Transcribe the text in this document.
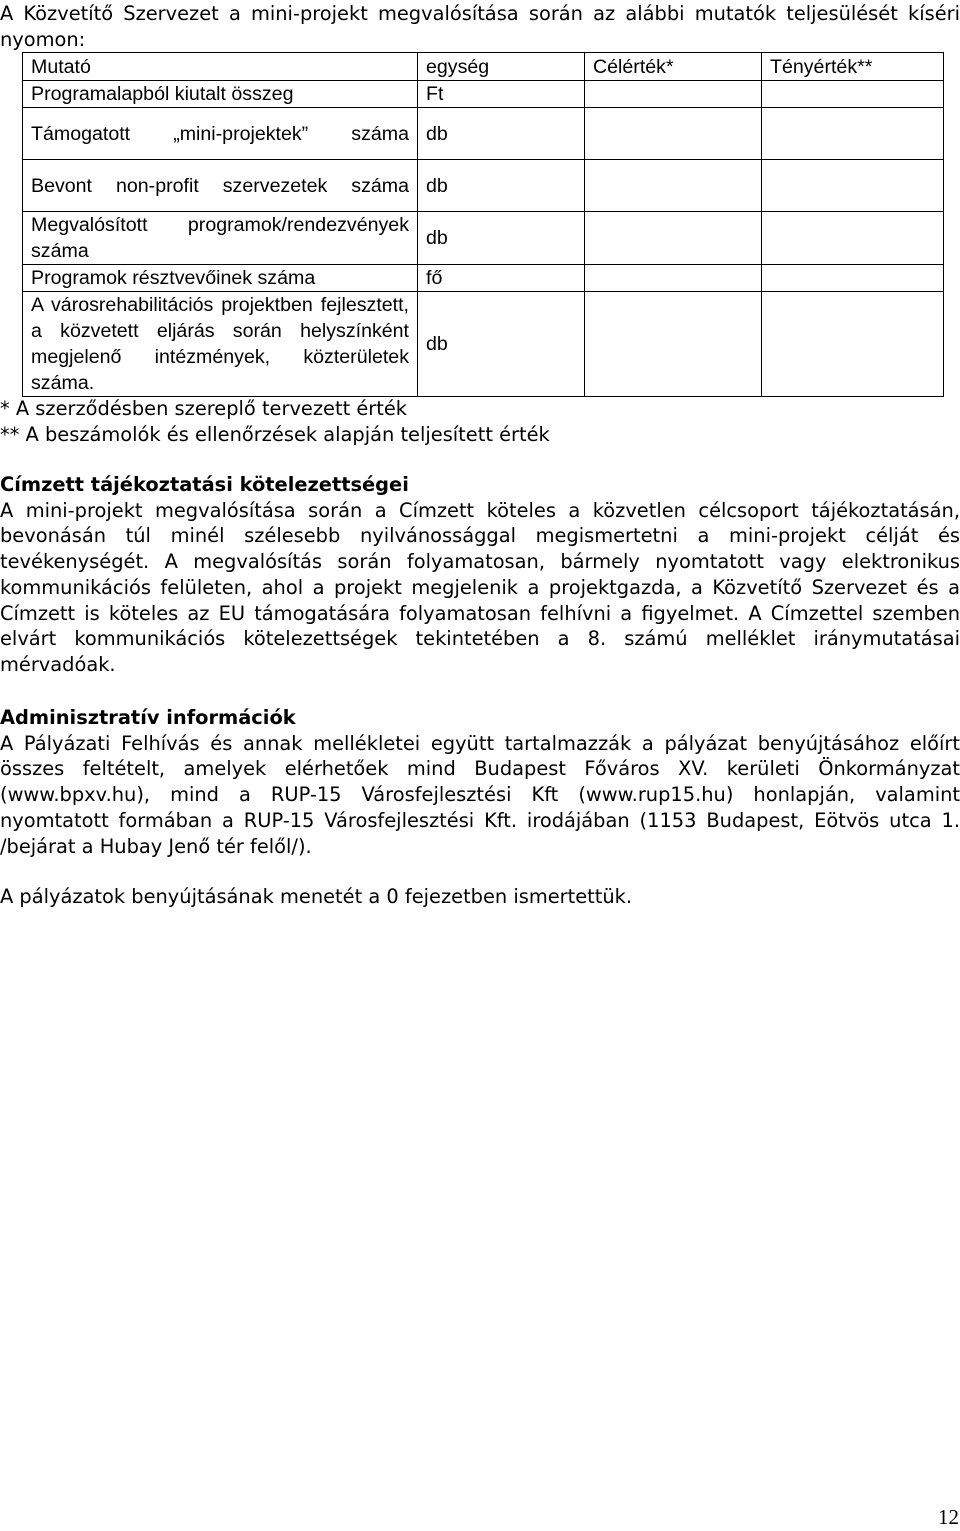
A Közvetítő Szervezet a mini-projekt megvalósítása során az alábbi mutatók teljesülését kíséri nyomon:

Mutató	egység	Célérték*	Tényérték**
Programalapból kiutalt összeg	Ft		
Támogatott „mini-projektek” száma	db		
Bevont non-profit szervezetek száma	db		
Megvalósított programok/rendezvények száma	db		
Programok résztvevőinek száma	fő		
A városrehabilitációs projektben fejlesztett, a közvetett eljárás során helyszínként megjelenő intézmények, közterületek száma.	db		

* A szerződésben szereplő tervezett érték

** A beszámolók és ellenőrzések alapján teljesített érték

Címzett tájékoztatási kötelezettségei

A mini-projekt megvalósítása során a Címzett köteles a közvetlen célcsoport tájékoztatásán, bevonásán túl minél szélesebb nyilvánossággal megismertetni a mini-projekt célját és tevékenységét. A megvalósítás során folyamatosan, bármely nyomtatott vagy elektronikus kommunikációs felületen, ahol a projekt megjelenik a projektgazda, a Közvetítő Szervezet és a Címzett is köteles az EU támogatására folyamatosan felhívni a figyelmet. A Címzettel szemben elvárt kommunikációs kötelezettségek tekintetében a 8. számú melléklet iránymutatásai mérvadóak.

Adminisztratív információk

A Pályázati Felhívás és annak mellékletei együtt tartalmazzák a pályázat benyújtásához előírt összes feltételt, amelyek elérhetőek mind Budapest Főváros XV. kerületi Önkormányzat (www.bpxv.hu), mind a RUP-15 Városfejlesztési Kft (www.rup15.hu) honlapján, valamint nyomtatott formában a RUP-15 Városfejlesztési Kft. irodájában (1153 Budapest, Eötvös utca 1. /bejárat a Hubay Jenő tér felől/).

A pályázatok benyújtásának menetét a 0 fejezetben ismertettük.

12
